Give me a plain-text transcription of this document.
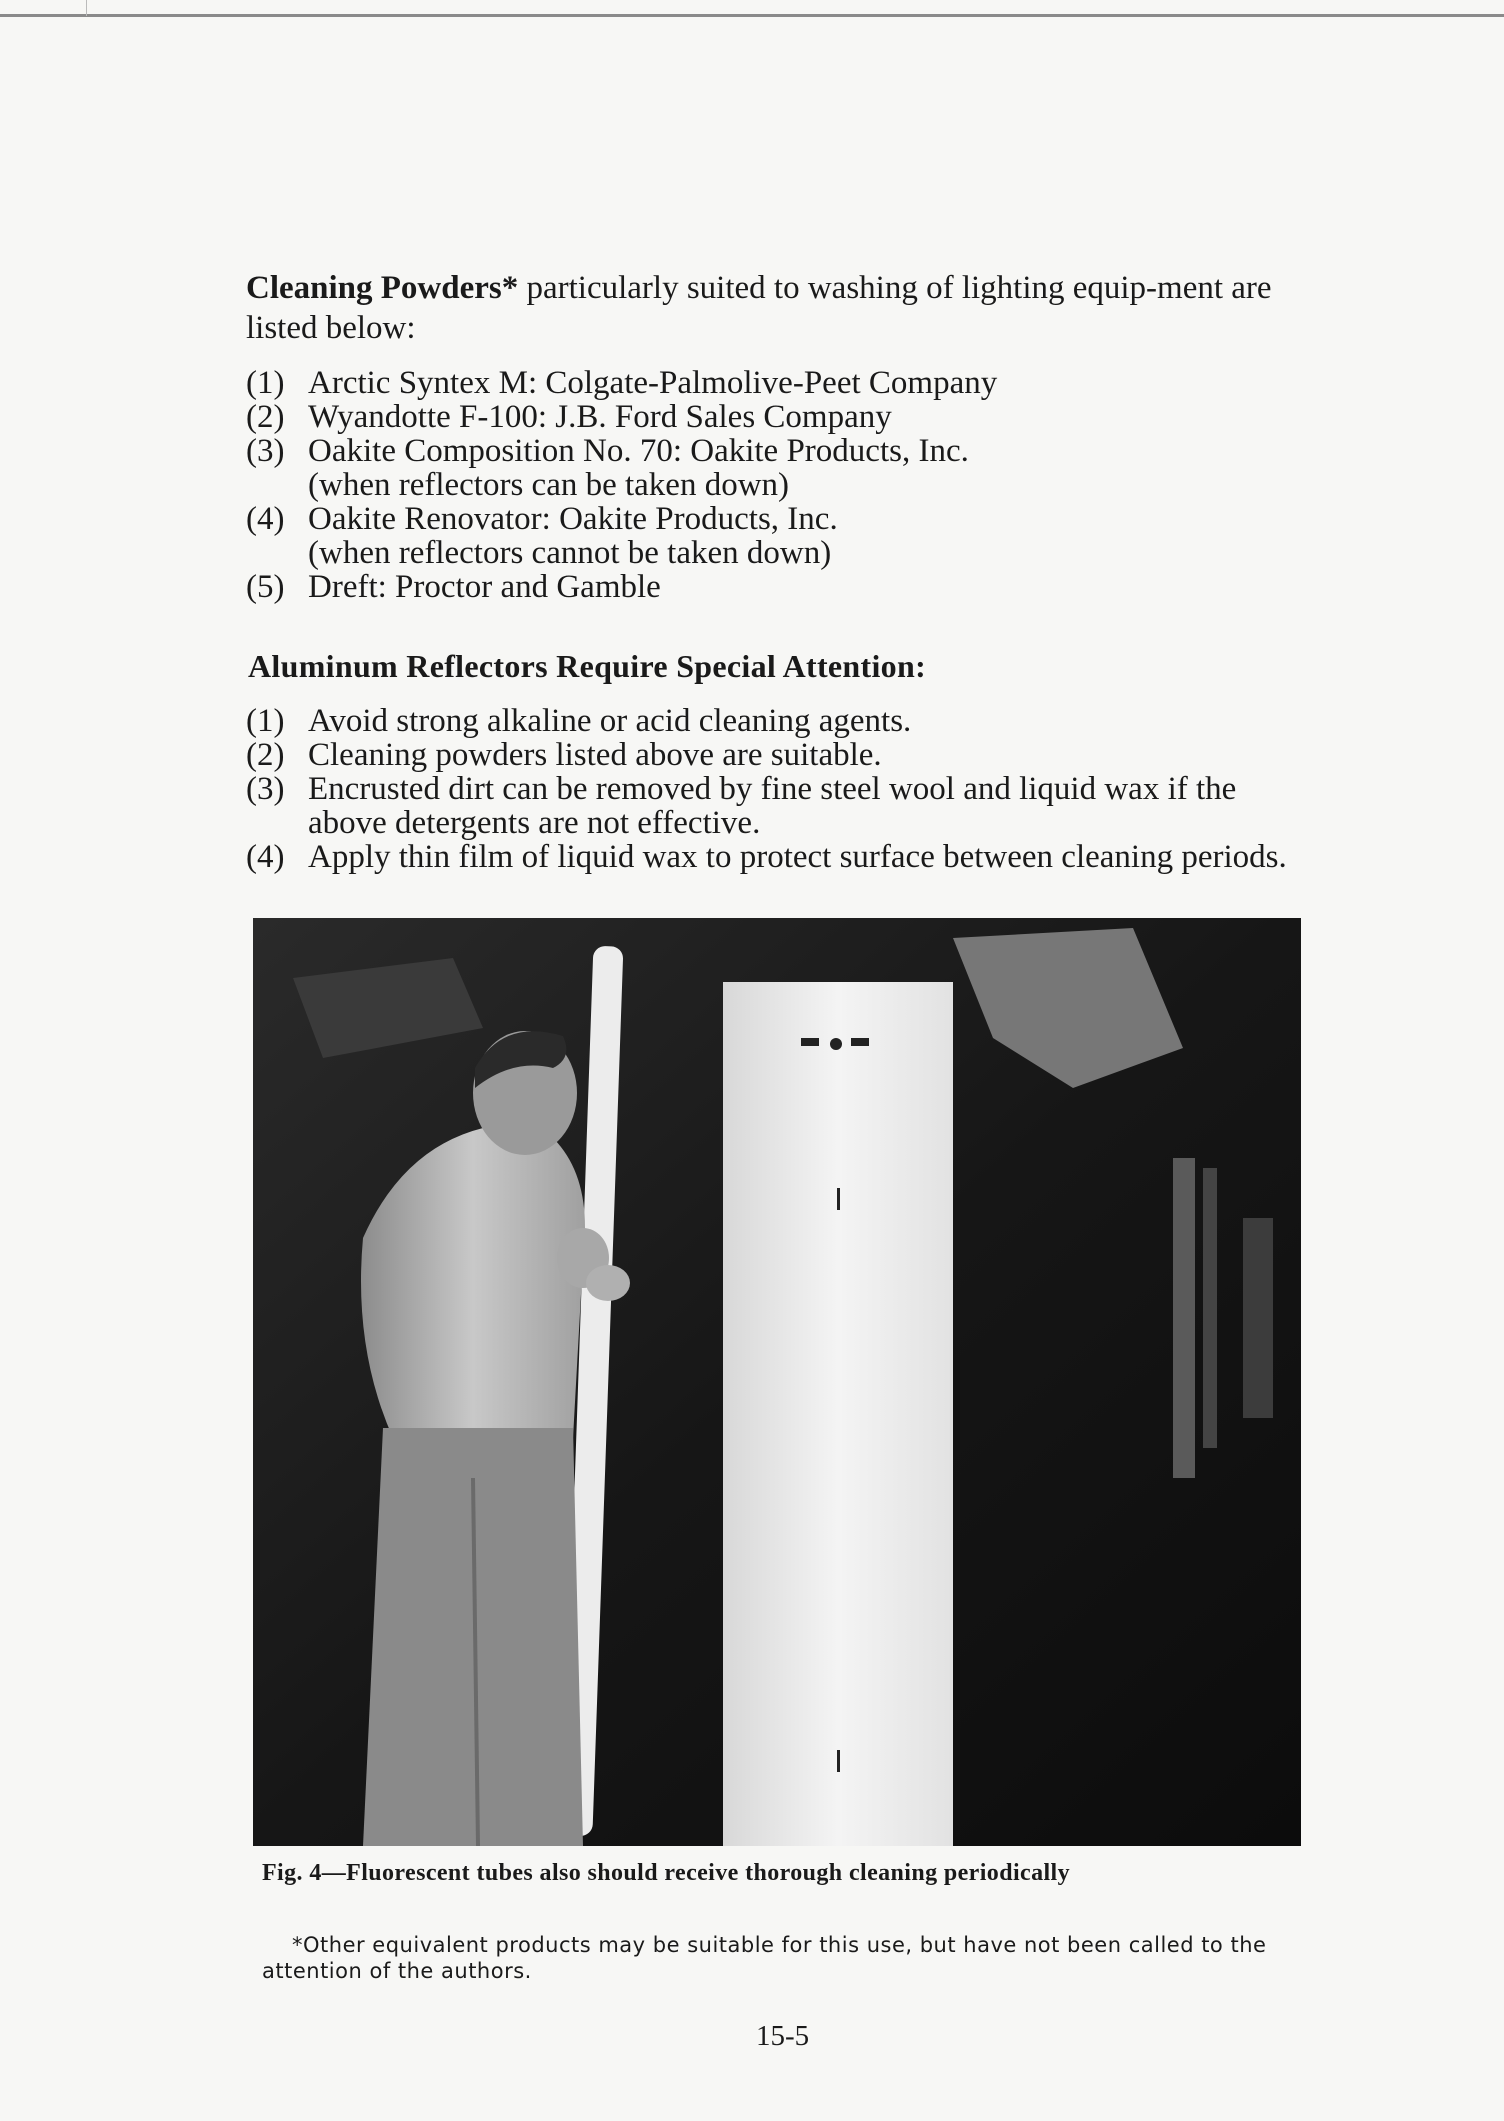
Cleaning Powders* particularly suited to washing of lighting equip-ment are listed below:

(1) Arctic Syntex M: Colgate-Palmolive-Peet Company
(2) Wyandotte F-100: J.B. Ford Sales Company
(3) Oakite Composition No. 70: Oakite Products, Inc.
(when reflectors can be taken down)
(4) Oakite Renovator: Oakite Products, Inc.
(when reflectors cannot be taken down)
(5) Dreft: Proctor and Gamble
Aluminum Reflectors Require Special Attention:
(1) Avoid strong alkaline or acid cleaning agents.
(2) Cleaning powders listed above are suitable.
(3) Encrusted dirt can be removed by fine steel wool and liquid wax if the above detergents are not effective.
(4) Apply thin film of liquid wax to protect surface between cleaning periods.
Fig. 4—Fluorescent tubes also should receive thorough cleaning periodically
*Other equivalent products may be suitable for this use, but have not been called to the attention of the authors.
15-5
